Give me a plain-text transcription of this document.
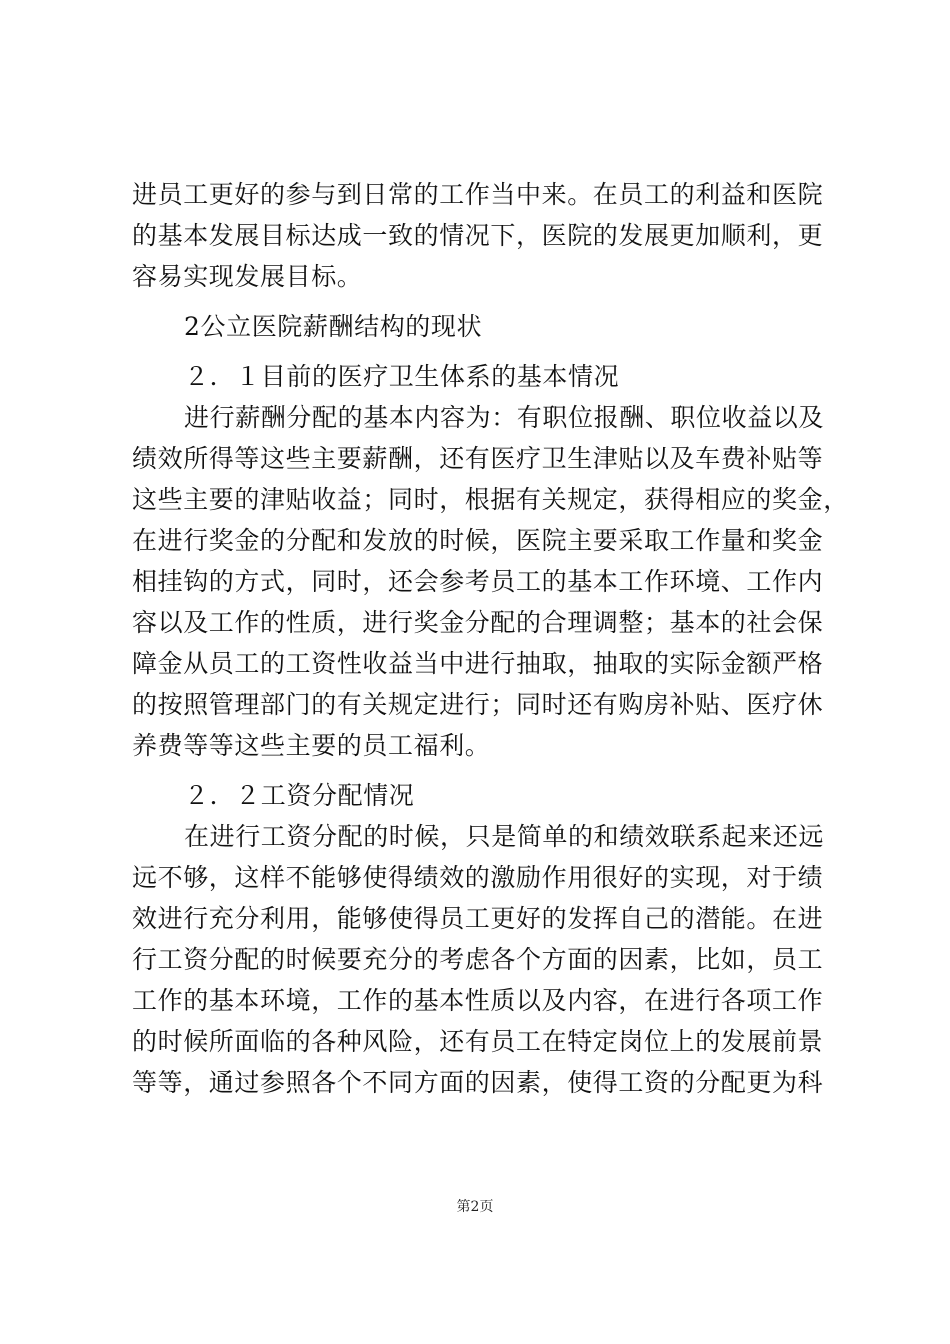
进员工更好的参与到日常的工作当中来。在员工的利益和医院
的基本发展目标达成一致的情况下，医院的发展更加顺利，更
容易实现发展目标。
2公立医院薪酬结构的现状
２．１目前的医疗卫生体系的基本情况
进行薪酬分配的基本内容为：有职位报酬、职位收益以及
绩效所得等这些主要薪酬，还有医疗卫生津贴以及车费补贴等
这些主要的津贴收益；同时，根据有关规定，获得相应的奖金，
在进行奖金的分配和发放的时候，医院主要采取工作量和奖金
相挂钩的方式，同时，还会参考员工的基本工作环境、工作内
容以及工作的性质，进行奖金分配的合理调整；基本的社会保
障金从员工的工资性收益当中进行抽取，抽取的实际金额严格
的按照管理部门的有关规定进行；同时还有购房补贴、医疗休
养费等等这些主要的员工福利。
２．２工资分配情况
在进行工资分配的时候，只是简单的和绩效联系起来还远
远不够，这样不能够使得绩效的激励作用很好的实现，对于绩
效进行充分利用，能够使得员工更好的发挥自己的潜能。在进
行工资分配的时候要充分的考虑各个方面的因素，比如，员工
工作的基本环境，工作的基本性质以及内容，在进行各项工作
的时候所面临的各种风险，还有员工在特定岗位上的发展前景
等等，通过参照各个不同方面的因素，使得工资的分配更为科
第2页
